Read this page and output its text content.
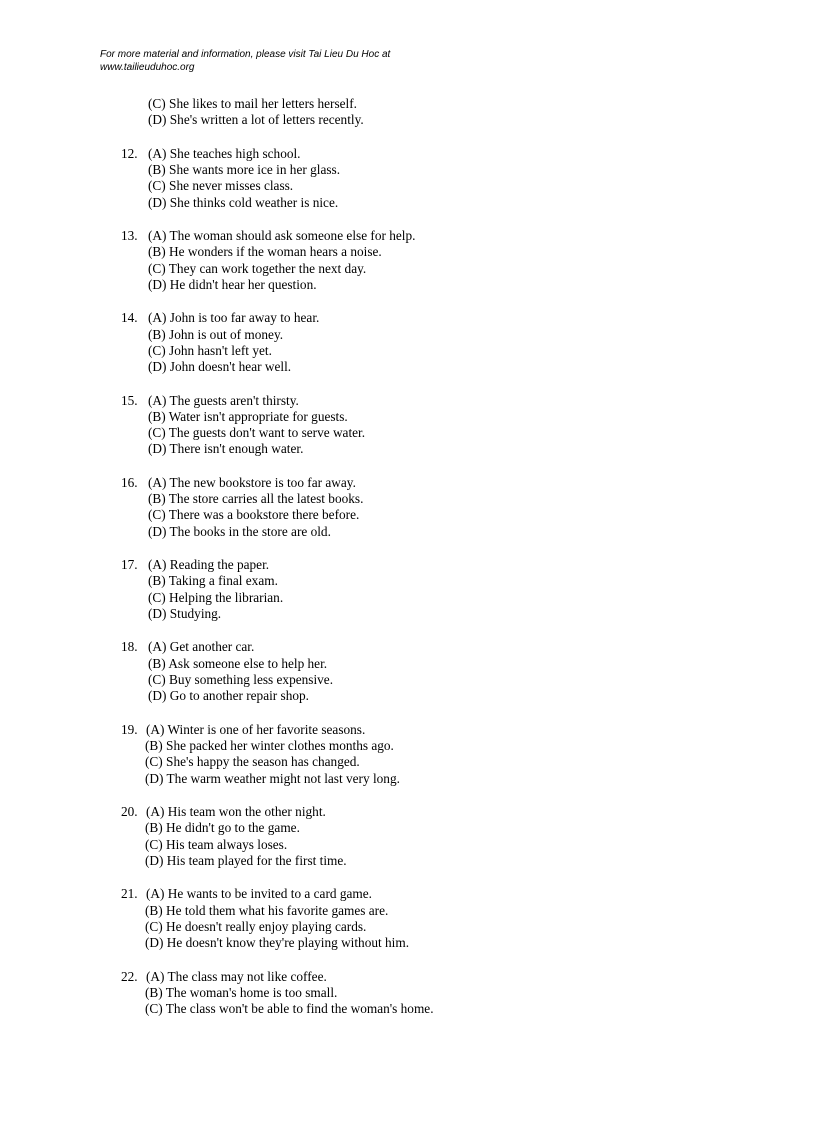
For more material and information, please visit Tai Lieu Du Hoc at
www.tailieuduhoc.org
(C) She likes to mail her letters herself.
(D) She's written a lot of letters recently.
12. (A) She teaches high school.
(B) She wants more ice in her glass.
(C) She never misses class.
(D) She thinks cold weather is nice.
13. (A) The woman should ask someone else for help.
(B) He wonders if the woman hears a noise.
(C) They can work together the next day.
(D) He didn't hear her question.
14. (A) John is too far away to hear.
(B) John is out of money.
(C) John hasn't left yet.
(D) John doesn't hear well.
15. (A) The guests aren't thirsty.
(B) Water isn't appropriate for guests.
(C) The guests don't want to serve water.
(D) There isn't enough water.
16. (A) The new bookstore is too far away.
(B) The store carries all the latest books.
(C) There was a bookstore there before.
(D) The books in the store are old.
17. (A) Reading the paper.
(B) Taking a final exam.
(C) Helping the librarian.
(D) Studying.
18. (A) Get another car.
(B) Ask someone else to help her.
(C) Buy something less expensive.
(D) Go to another repair shop.
19. (A) Winter is one of her favorite seasons.
(B) She packed her winter clothes months ago.
(C) She's happy the season has changed.
(D) The warm weather might not last very long.
20. (A) His team won the other night.
(B) He didn't go to the game.
(C) His team always loses.
(D) His team played for the first time.
21. (A) He wants to be invited to a card game.
(B) He told them what his favorite games are.
(C) He doesn't really enjoy playing cards.
(D) He doesn't know they're playing without him.
22. (A) The class may not like coffee.
(B) The woman's home is too small.
(C) The class won't be able to find the woman's home.
